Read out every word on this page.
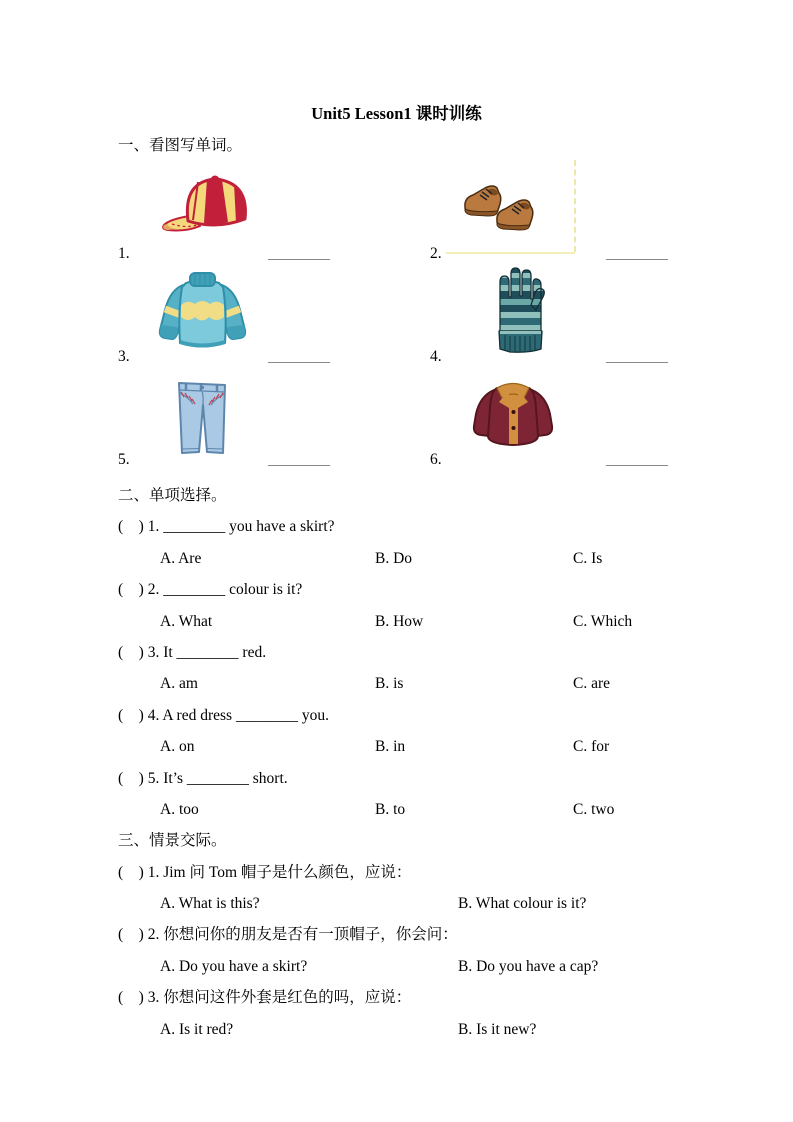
Unit5 Lesson1 课时训练
一、看图写单词。
1.	________	2.	________
3.	________	4.	________
5.	________	6.	________
二、单项选择。
( ) 1. ________ you have a skirt?
A. Are	B. Do	C. Is
( ) 2. ________ colour is it?
A. What	B. How	C. Which
( ) 3. It ________ red.
A. am	B. is	C. are
( ) 4. A red dress ________ you.
A. on	B. in	C. for
( ) 5. It’s ________ short.
A. too	B. to	C. two
三、情景交际。
( ) 1. Jim 问 Tom 帽子是什么颜色，应说：
A. What is this?	B. What colour is it?
( ) 2. 你想问你的朋友是否有一顶帽子，你会问：
A. Do you have a skirt?	B. Do you have a cap?
( ) 3. 你想问这件外套是红色的吗，应说：
A. Is it red?	B. Is it new?
